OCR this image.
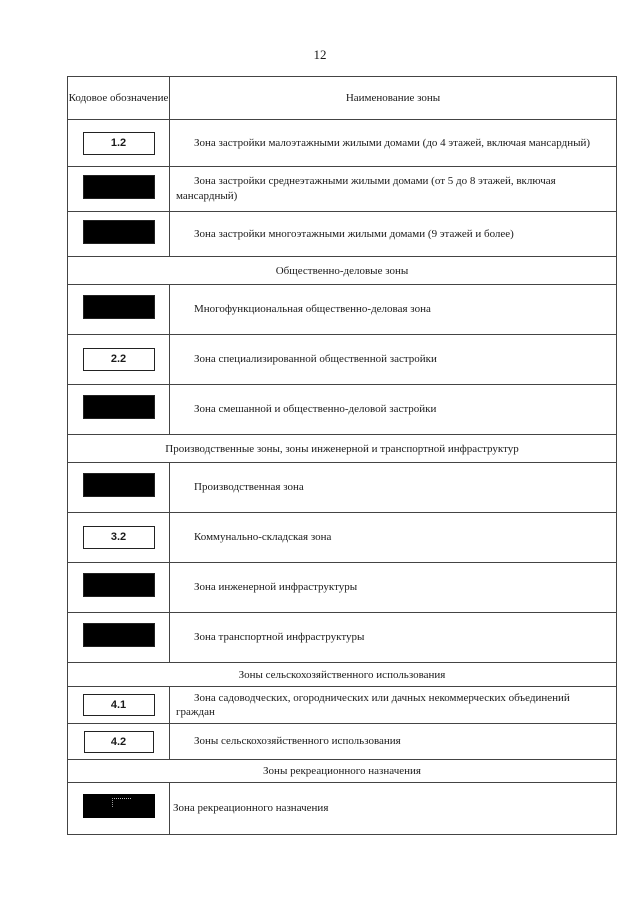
12
Кодовое обозначение	Наименование зоны
1.2	Зона застройки малоэтажными жилыми домами (до 4 этажей, включая мансардный)
	Зона застройки среднеэтажными жилыми домами (от 5 до 8 этажей, включая мансардный)
	Зона застройки многоэтажными жилыми домами (9 этажей и более)
Общественно-деловые зоны	
	Многофункциональная общественно-деловая зона
2.2	Зона специализированной общественной застройки
	Зона смешанной и общественно-деловой застройки
Производственные зоны, зоны инженерной и транспортной инфраструктур	
	Производственная зона
3.2	Коммунально-складская зона
	Зона инженерной инфраструктуры
	Зона транспортной инфраструктуры
Зоны сельскохозяйственного использования	
4.1	Зона садоводческих, огороднических или дачных некоммерческих объединений граждан
4.2	Зоны сельскохозяйственного использования
Зоны рекреационного назначения	

	Зона рекреационного назначения
